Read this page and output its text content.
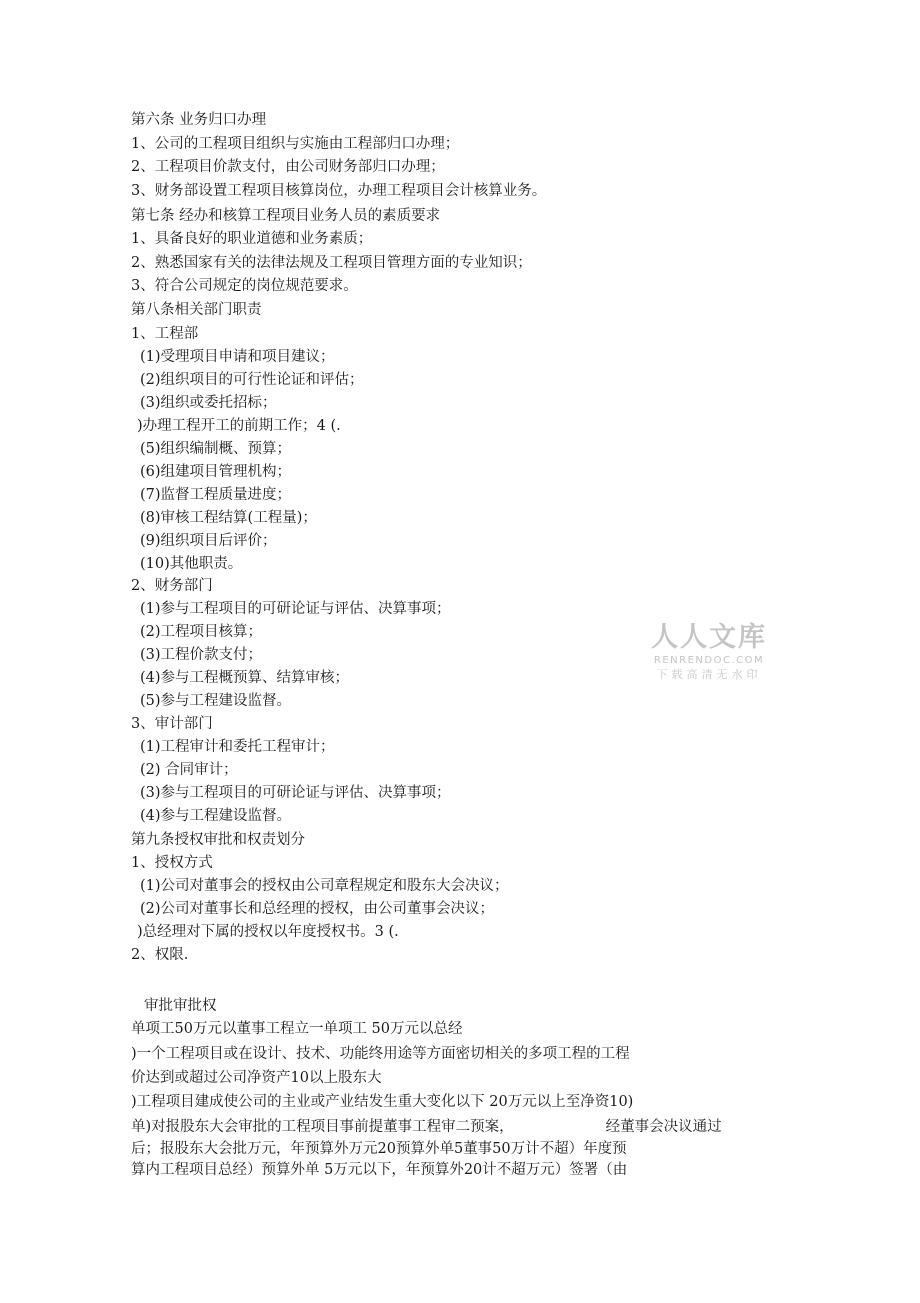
第六条 业务归口办理
1、公司的工程项目组织与实施由工程部归口办理；
2、工程项目价款支付，由公司财务部归口办理；
3、财务部设置工程项目核算岗位，办理工程项目会计核算业务。
第七条 经办和核算工程项目业务人员的素质要求
1、具备良好的职业道德和业务素质；
2、熟悉国家有关的法律法规及工程项目管理方面的专业知识；
3、符合公司规定的岗位规范要求。
第八条相关部门职责
1、工程部
(1)受理项目申请和项目建议；
(2)组织项目的可行性论证和评估；
(3)组织或委托招标；
)办理工程开工的前期工作；4 (.
(5)组织编制概、预算；
(6)组建项目管理机构；
(7)监督工程质量进度；
(8)审核工程结算(工程量)；
(9)组织项目后评价；
(10)其他职责。
2、财务部门
(1)参与工程项目的可研论证与评估、决算事项；
(2)工程项目核算；
(3)工程价款支付；
(4)参与工程概预算、结算审核；
(5)参与工程建设监督。
3、审计部门
(1)工程审计和委托工程审计；
(2) 合同审计；
(3)参与工程项目的可研论证与评估、决算事项；
(4)参与工程建设监督。
第九条授权审批和权责划分
1、授权方式
(1)公司对董事会的授权由公司章程规定和股东大会决议；
(2)公司对董事长和总经理的授权，由公司董事会决议；
)总经理对下属的授权以年度授权书。3 (.
2、权限.
审批审批权
单项工50万元以董事工程立一单项工 50万元以总经
)一个工程项目或在设计、技术、功能终用途等方面密切相关的多项工程的工程
价达到或超过公司净资产10以上股东大
)工程项目建成使公司的主业或产业结发生重大变化以下 20万元以上至净资10)
单)对报股东大会审批的工程项目事前提董事工程审二预案，	经董事会决议通过
后；报股东大会批万元，年预算外万元20预算外单5董事50万计不超）年度预
算内工程项目总经）预算外单 5万元以下，年预算外20计不超万元）签署（由
人人文库
RENRENDOC.COM
下载高清无水印
